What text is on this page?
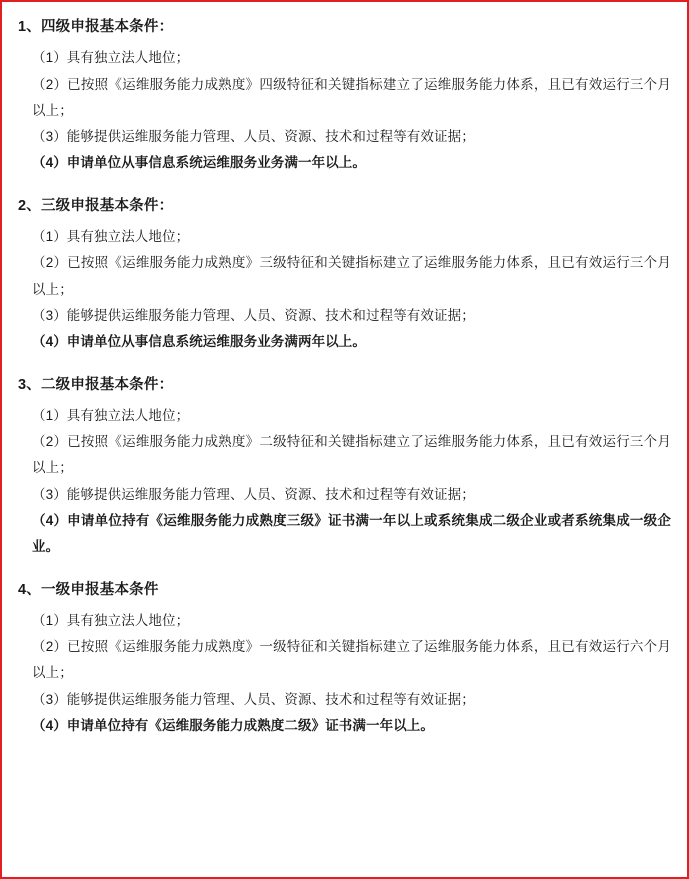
1、四级申报基本条件：

（1）具有独立法人地位；

（2）已按照《运维服务能力成熟度》四级特征和关键指标建立了运维服务能力体系，且已有效运行三个月以上；

（3）能够提供运维服务能力管理、人员、资源、技术和过程等有效证据；

（4）申请单位从事信息系统运维服务业务满一年以上。

2、三级申报基本条件：

（1）具有独立法人地位；

（2）已按照《运维服务能力成熟度》三级特征和关键指标建立了运维服务能力体系，且已有效运行三个月以上；

（3）能够提供运维服务能力管理、人员、资源、技术和过程等有效证据；

（4）申请单位从事信息系统运维服务业务满两年以上。

3、二级申报基本条件：

（1）具有独立法人地位；

（2）已按照《运维服务能力成熟度》二级特征和关键指标建立了运维服务能力体系，且已有效运行三个月以上；

（3）能够提供运维服务能力管理、人员、资源、技术和过程等有效证据；

（4）申请单位持有《运维服务能力成熟度三级》证书满一年以上或系统集成二级企业或者系统集成一级企业。

4、一级申报基本条件

（1）具有独立法人地位；

（2）已按照《运维服务能力成熟度》一级特征和关键指标建立了运维服务能力体系，且已有效运行六个月以上；

（3）能够提供运维服务能力管理、人员、资源、技术和过程等有效证据；

（4）申请单位持有《运维服务能力成熟度二级》证书满一年以上。
